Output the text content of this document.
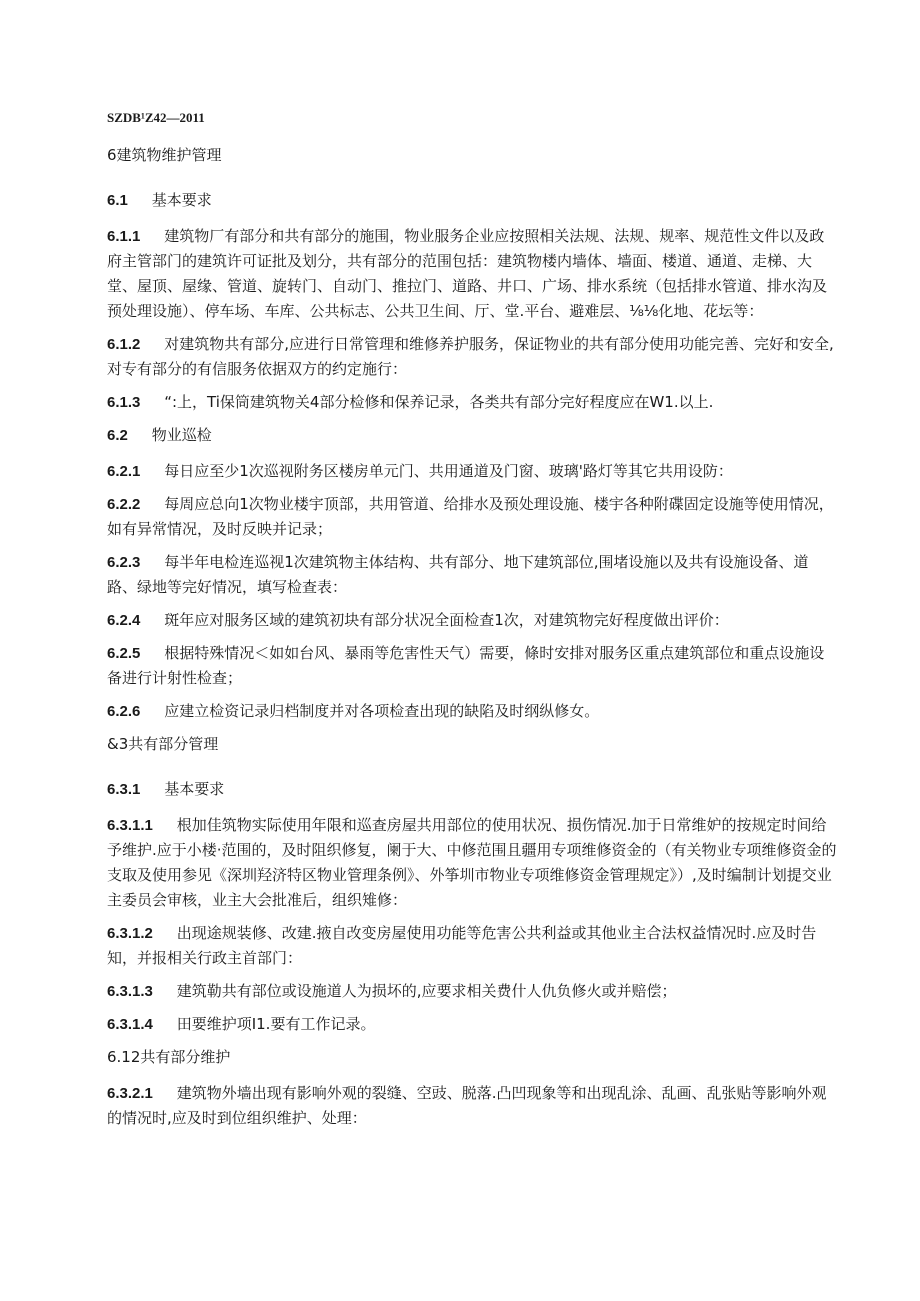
SZDB¹Z42—2011

6建筑物维护管理

6.1 基本要求

6.1.1 建筑物厂有部分和共有部分的施围，物业服务企业应按照相关法规、法规、规率、规范性文件以及政府主管部门的建筑许可证批及划分，共有部分的范围包括：建筑物楼内墙体、墙面、楼道、通道、走梯、大堂、屋顶、屋缘、管道、旋转门、自动门、推拉门、道路、井口、广场、排水系统（包括排水管道、排水沟及预处理设施）、停车场、车库、公共标志、公共卫生间、厅、堂.平台、避难层、⅛⅛化地、花坛等：

6.1.2 对建筑物共有部分,应进行日常管理和维修养护服务，保证物业的共有部分使用功能完善、完好和安全,对专有部分的有信服务依据双方的约定施行：

6.1.3 “:上，Ti保筒建筑物关4部分检修和保养记录，各类共有部分完好程度应在W1.以上.

6.2 物业巡检

6.2.1 每日应至少1次巡视附务区楼房单元门、共用通道及门窗、玻璃'路灯等其它共用设防：

6.2.2 每周应总向1次物业楼宇顶部，共用管道、给排水及预处理设施、楼宇各种附碟固定设施等使用情况，如有异常情况，及时反映并记录；

6.2.3 每半年电检连巡视1次建筑物主体结构、共有部分、地下建筑部位,围堵设施以及共有设施设备、道路、绿地等完好情况，填写检查表：

6.2.4 斑年应对服务区域的建筑初块有部分状况全面检查1次，对建筑物完好程度做出评价：

6.2.5 根据特殊情况＜如如台风、暴雨等危害性天气）需要，條时安排对服务区重点建筑部位和重点设施设备进行计射性检查；

6.2.6 应建立检资记录归档制度并对各项检查出现的缺陷及时纲纵修女。

&3共有部分管理

6.3.1 基本要求

6.3.1.1 根加佳筑物实际使用年限和巡查房屋共用部位的使用状况、损伤情况.加于日常维妒的按规定时间给予维护.应于小楼·范围的，及时阻织修复，阑于大、中修范围且疆用专项维修资金的（有关物业专项维修资金的支取及使用参见《深圳羟济特区物业管理条例》、外筝圳市物业专项维修资金管理规定》）,及时编制计划提交业主委员会审核，业主大会批准后，组织雉修：

6.3.1.2 出现途规装修、改建.掖自改变房屋使用功能等危害公共利益或其他业主合法权益情况时.应及时告知，并报相关行政主首部门：

6.3.1.3 建筑勒共有部位或设施道人为损坏的,应要求相关费什人仇负修火或并赔偿；

6.3.1.4 田要维护项I1.要有工作记录。

6.12共有部分维护

6.3.2.1 建筑物外墙出现有影响外观的裂缝、空豉、脱落.凸凹现象等和出现乱涂、乱画、乱张贴等影响外观的情况时,应及时到位组织维护、处理：
